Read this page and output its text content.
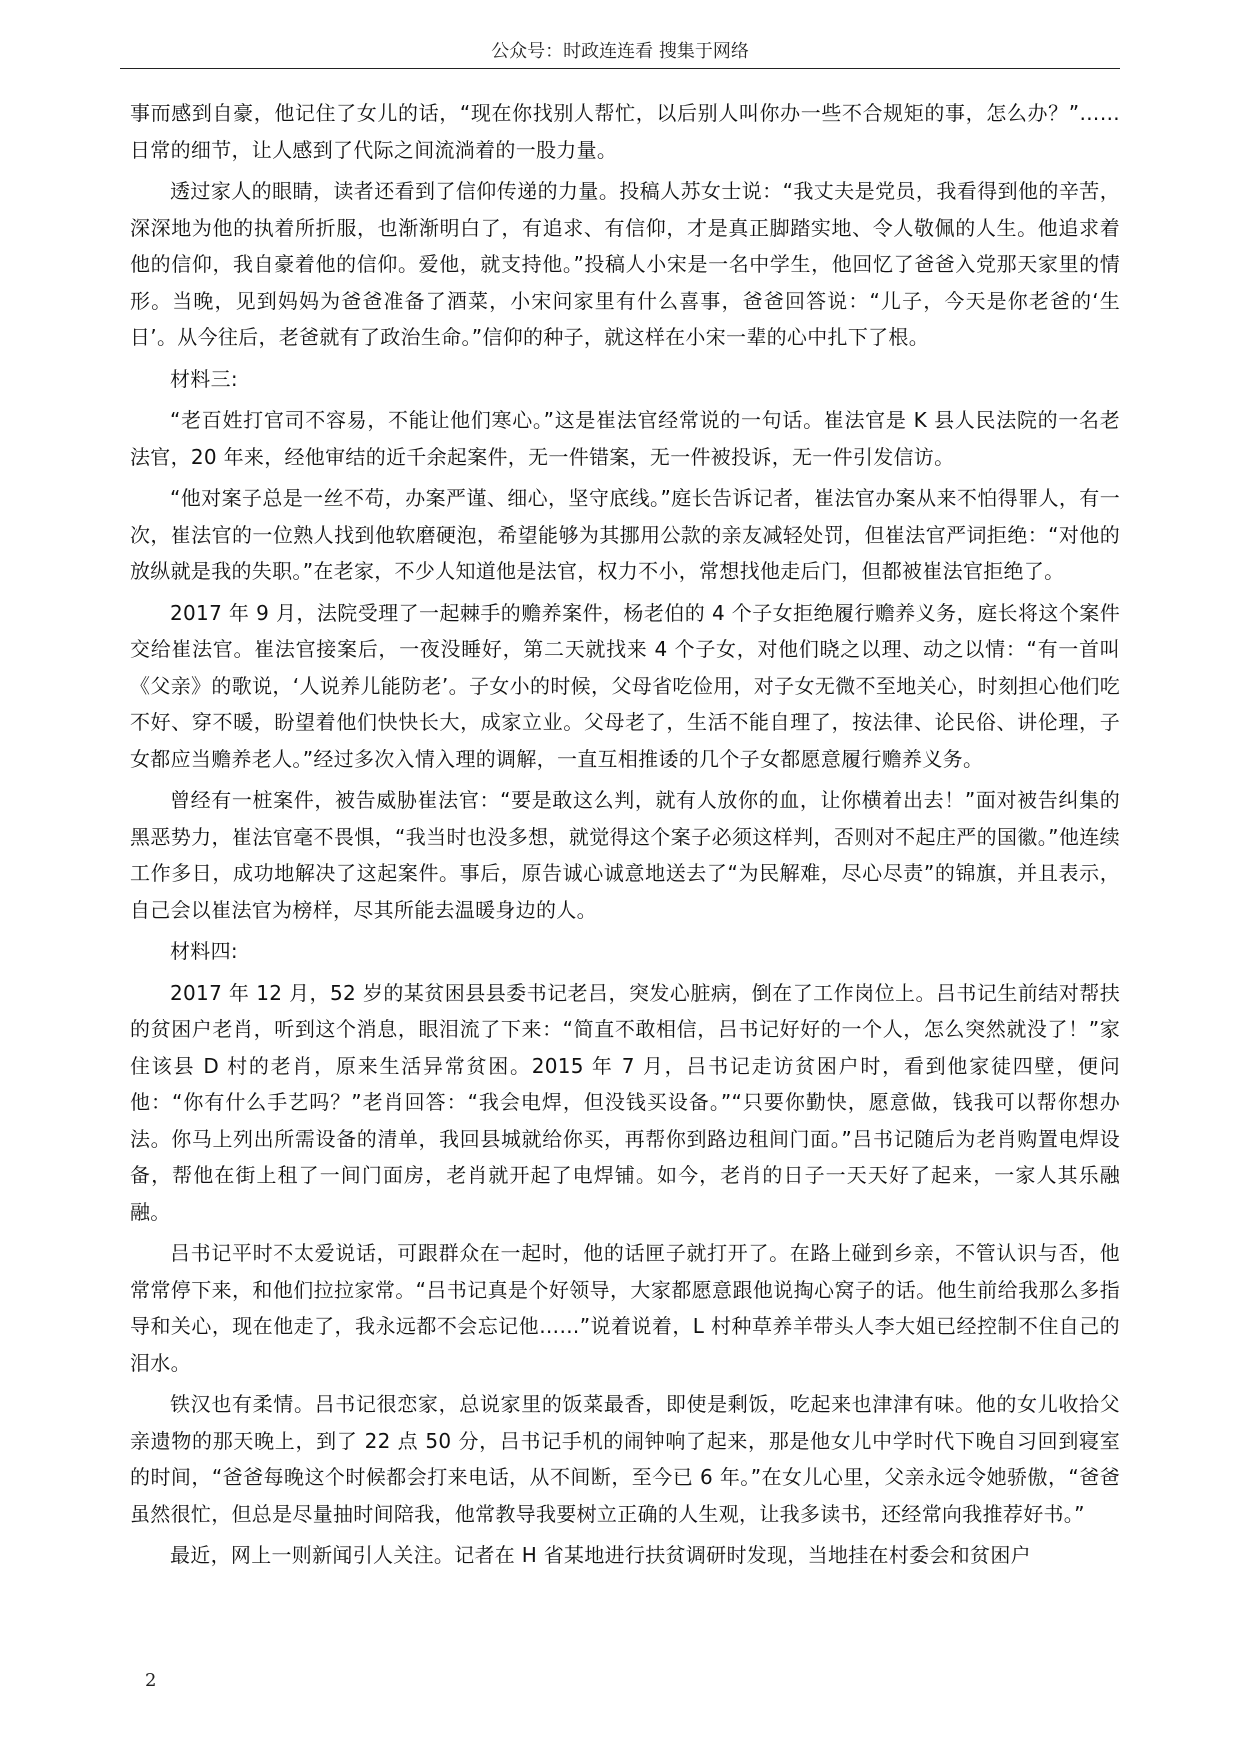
公众号：时政连连看 搜集于网络

事而感到自豪，他记住了女儿的话，“现在你找别人帮忙，以后别人叫你办一些不合规矩的事，怎么办？”……日常的细节，让人感到了代际之间流淌着的一股力量。

透过家人的眼睛，读者还看到了信仰传递的力量。投稿人苏女士说：“我丈夫是党员，我看得到他的辛苦，深深地为他的执着所折服，也渐渐明白了，有追求、有信仰，才是真正脚踏实地、令人敬佩的人生。他追求着他的信仰，我自豪着他的信仰。爱他，就支持他。”投稿人小宋是一名中学生，他回忆了爸爸入党那天家里的情形。当晚，见到妈妈为爸爸准备了酒菜，小宋问家里有什么喜事，爸爸回答说：“儿子，今天是你老爸的‘生日’。从今往后，老爸就有了政治生命。”信仰的种子，就这样在小宋一辈的心中扎下了根。

材料三:

“老百姓打官司不容易，不能让他们寒心。”这是崔法官经常说的一句话。崔法官是 K 县人民法院的一名老法官，20 年来，经他审结的近千余起案件，无一件错案，无一件被投诉，无一件引发信访。

“他对案子总是一丝不苟，办案严谨、细心，坚守底线。”庭长告诉记者，崔法官办案从来不怕得罪人，有一次，崔法官的一位熟人找到他软磨硬泡，希望能够为其挪用公款的亲友减轻处罚，但崔法官严词拒绝：“对他的放纵就是我的失职。”在老家，不少人知道他是法官，权力不小，常想找他走后门，但都被崔法官拒绝了。

2017 年 9 月，法院受理了一起棘手的赡养案件，杨老伯的 4 个子女拒绝履行赡养义务，庭长将这个案件交给崔法官。崔法官接案后，一夜没睡好，第二天就找来 4 个子女，对他们晓之以理、动之以情：“有一首叫《父亲》的歌说，‘人说养儿能防老’。子女小的时候，父母省吃俭用，对子女无微不至地关心，时刻担心他们吃不好、穿不暖，盼望着他们快快长大，成家立业。父母老了，生活不能自理了，按法律、论民俗、讲伦理，子女都应当赡养老人。”经过多次入情入理的调解，一直互相推诿的几个子女都愿意履行赡养义务。

曾经有一桩案件，被告威胁崔法官：“要是敢这么判，就有人放你的血，让你横着出去！”面对被告纠集的黑恶势力，崔法官毫不畏惧，“我当时也没多想，就觉得这个案子必须这样判，否则对不起庄严的国徽。”他连续工作多日，成功地解决了这起案件。事后，原告诚心诚意地送去了“为民解难，尽心尽责”的锦旗，并且表示，自己会以崔法官为榜样，尽其所能去温暖身边的人。

材料四:

2017 年 12 月，52 岁的某贫困县县委书记老吕，突发心脏病，倒在了工作岗位上。吕书记生前结对帮扶的贫困户老肖，听到这个消息，眼泪流了下来：“简直不敢相信，吕书记好好的一个人，怎么突然就没了！”家住该县 D 村的老肖，原来生活异常贫困。2015 年 7 月，吕书记走访贫困户时，看到他家徒四壁，便问他：“你有什么手艺吗？”老肖回答：“我会电焊，但没钱买设备。”“只要你勤快，愿意做，钱我可以帮你想办法。你马上列出所需设备的清单，我回县城就给你买，再帮你到路边租间门面。”吕书记随后为老肖购置电焊设备，帮他在街上租了一间门面房，老肖就开起了电焊铺。如今，老肖的日子一天天好了起来，一家人其乐融融。

吕书记平时不太爱说话，可跟群众在一起时，他的话匣子就打开了。在路上碰到乡亲，不管认识与否，他常常停下来，和他们拉拉家常。“吕书记真是个好领导，大家都愿意跟他说掏心窝子的话。他生前给我那么多指导和关心，现在他走了，我永远都不会忘记他……”说着说着，L 村种草养羊带头人李大姐已经控制不住自己的泪水。

铁汉也有柔情。吕书记很恋家，总说家里的饭菜最香，即使是剩饭，吃起来也津津有味。他的女儿收拾父亲遗物的那天晚上，到了 22 点 50 分，吕书记手机的闹钟响了起来，那是他女儿中学时代下晚自习回到寝室的时间，“爸爸每晚这个时候都会打来电话，从不间断，至今已 6 年。”在女儿心里，父亲永远令她骄傲，“爸爸虽然很忙，但总是尽量抽时间陪我，他常教导我要树立正确的人生观，让我多读书，还经常向我推荐好书。”

最近，网上一则新闻引人关注。记者在 H 省某地进行扶贫调研时发现，当地挂在村委会和贫困户

2
